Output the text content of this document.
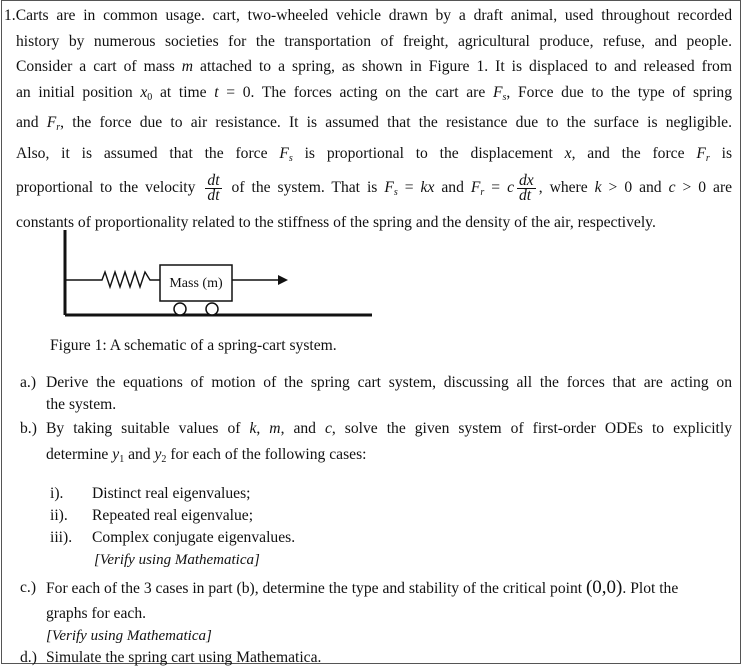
1.Carts are in common usage. cart, two-wheeled vehicle drawn by a draft animal, used throughout recorded
history by numerous societies for the transportation of freight, agricultural produce, refuse, and people.
Consider a cart of mass m attached to a spring, as shown in Figure 1. It is displaced to and released from
an initial position $x_0$ at time t = 0. The forces acting on the cart are $F_s$, Force due to the type of spring
and $F_r$, the force due to air resistance. It is assumed that the resistance due to the surface is negligible.
Also, it is assumed that the force $F_s$ is proportional to the displacement x, and the force $F_r$ is
proportional to the velocity $\frac{dt}{dt}$ of the system. That is $F_s$ = kx and $F_r = c \frac{dx}{dt}$ , where k > 0 and c > 0 are
constants of proportionality related to the stiffness of the spring and the density of the air, respectively.
Mass (m)
Figure 1: A schematic of a spring-cart system.
a.) Derive the equations of motion of the spring cart system, discussing all the forces that are acting on
the system.
b.) By taking suitable values of k, m, and c, solve the given system of first-order ODEs to explicitly
determine $y_1$ and $y_2$ for each of the following cases:
i).	Distinct real eigenvalues;
ii).	Repeated real eigenvalue;
iii).	Complex conjugate eigenvalues.
[Verify using Mathematica]
c.) For each of the 3 cases in part (b), determine the type and stability of the critical point (0,0). Plot the
graphs for each.
[Verify using Mathematica]
d.) Simulate the spring cart using Mathematica.
